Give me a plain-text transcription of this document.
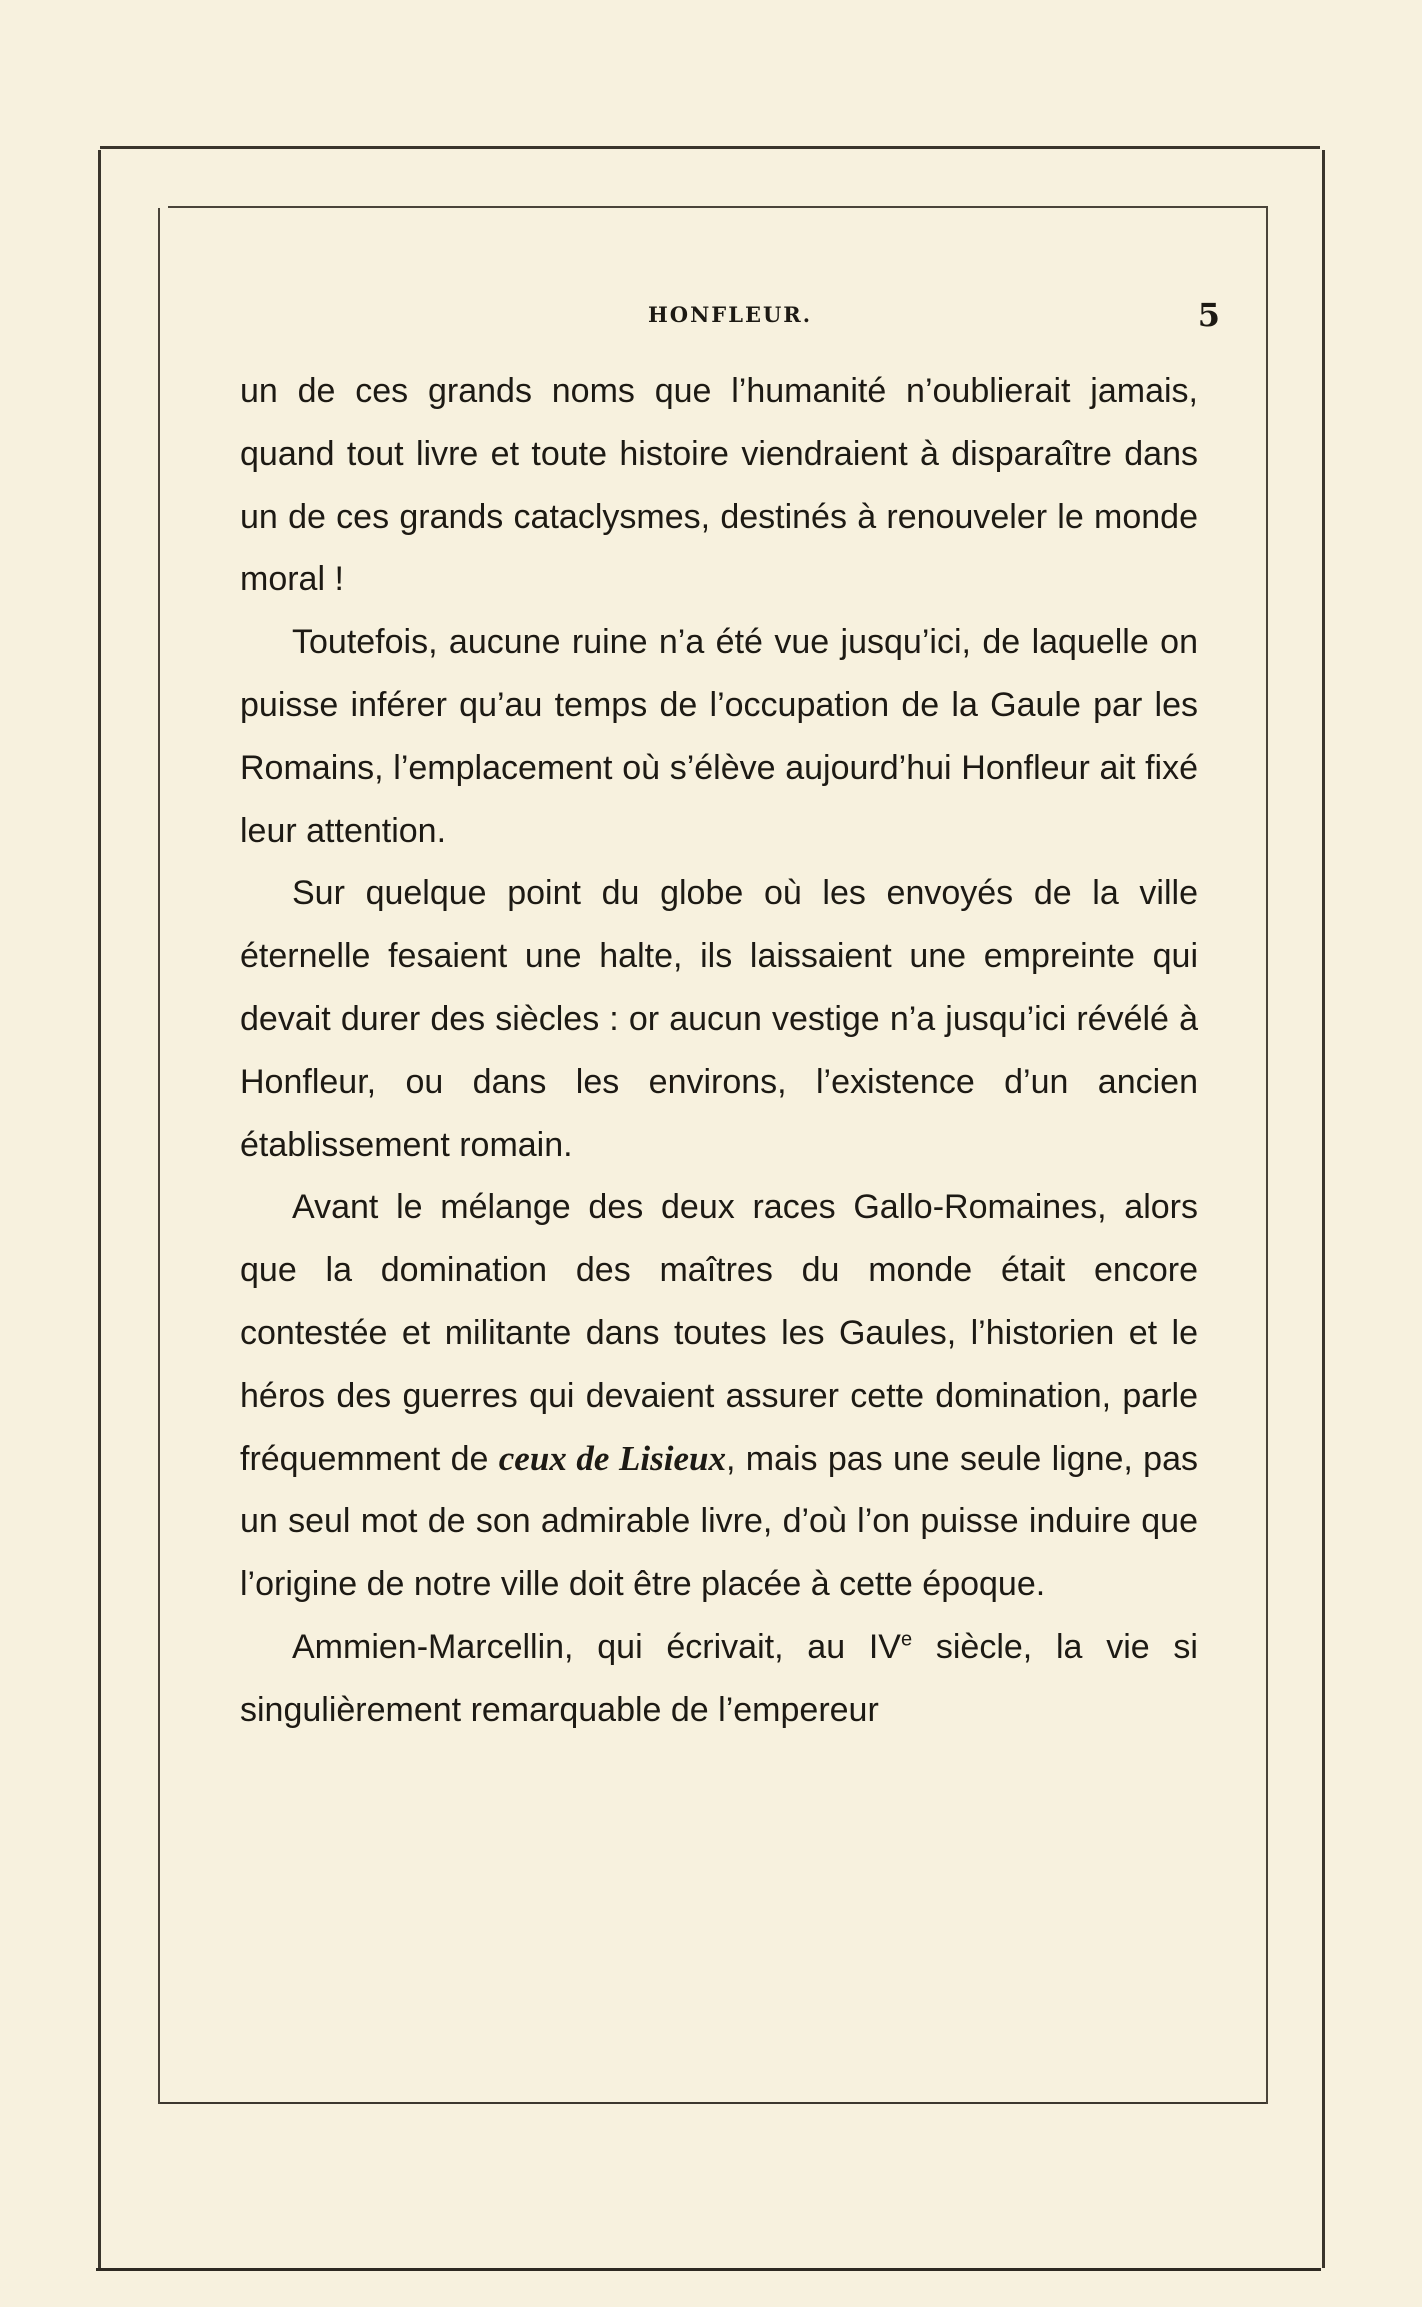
HONFLEUR.	5

un de ces grands noms que l’humanité n’oublierait jamais, quand tout livre et toute histoire viendraient à disparaître dans un de ces grands cataclysmes, destinés à renouveler le monde moral !

Toutefois, aucune ruine n’a été vue jusqu’ici, de laquelle on puisse inférer qu’au temps de l’occupation de la Gaule par les Romains, l’emplacement où s’élève aujourd’hui Honfleur ait fixé leur attention.

Sur quelque point du globe où les envoyés de la ville éternelle fesaient une halte, ils laissaient une empreinte qui devait durer des siècles : or aucun vestige n’a jusqu’ici révélé à Honfleur, ou dans les environs, l’existence d’un ancien établissement romain.

Avant le mélange des deux races Gallo-Romaines, alors que la domination des maîtres du monde était encore contestée et militante dans toutes les Gaules, l’historien et le héros des guerres qui devaient assurer cette domination, parle fréquemment de ceux de Lisieux, mais pas une seule ligne, pas un seul mot de son admirable livre, d’où l’on puisse induire que l’origine de notre ville doit être placée à cette époque.

Ammien-Marcellin, qui écrivait, au IVe siècle, la vie si singulièrement remarquable de l’empereur
